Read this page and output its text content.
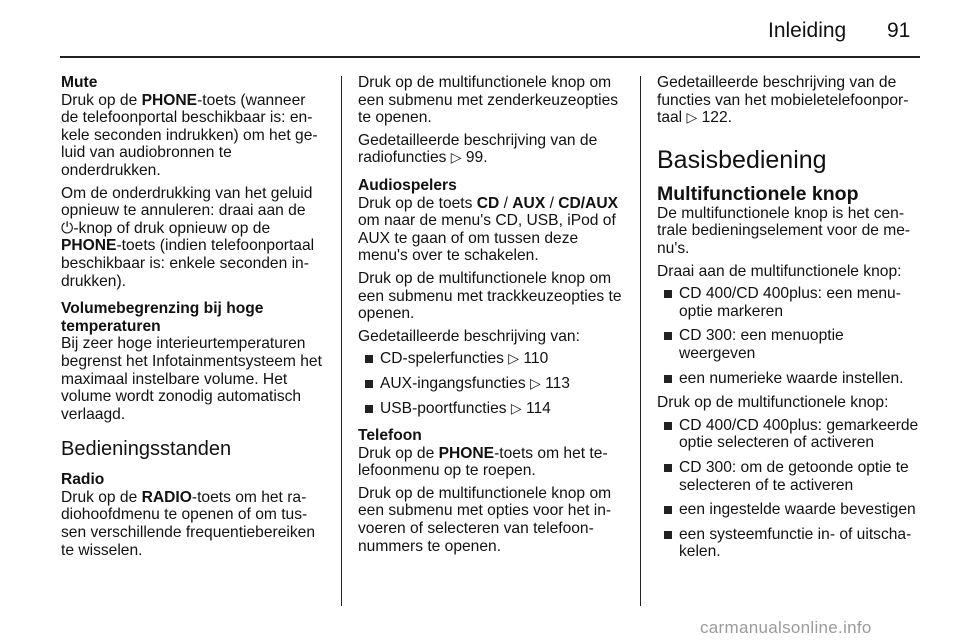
Inleiding 91
Mute
Druk op de PHONE-toets (wanneer de telefoonportal beschikbaar is: enkele seconden indrukken) om het geluid van audiobronnen te onderdrukken.
Om de onderdrukking van het geluid opnieuw te annuleren: draai aan de ⏻-knop of druk opnieuw op de PHONE-toets (indien telefoonportaal beschikbaar is: enkele seconden indrukken).
Volumebegrenzing bij hoge temperaturen
Bij zeer hoge interieurtemperaturen begrenst het Infotainmentsysteem het maximaal instelbare volume. Het volume wordt zonodig automatisch verlaagd.
Bedieningsstanden
Radio
Druk op de RADIO-toets om het radiohoofdmenu te openen of om tussen verschillende frequentiebereiken te wisselen.
Druk op de multifunctionele knop om een submenu met zenderkeuzeopties te openen.
Gedetailleerde beschrijving van de radiofuncties ▷ 99.
Audiospelers
Druk op de toets CD / AUX / CD/AUX om naar de menu's CD, USB, iPod of AUX te gaan of om tussen deze menu's over te schakelen.
Druk op de multifunctionele knop om een submenu met trackkeuzeopties te openen.
Gedetailleerde beschrijving van:
CD-spelerfuncties ▷ 110
AUX-ingangsfuncties ▷ 113
USB-poortfuncties ▷ 114
Telefoon
Druk op de PHONE-toets om het telefoonmenu op te roepen.
Druk op de multifunctionele knop om een submenu met opties voor het invoeren of selecteren van telefoonnummers te openen.
Gedetailleerde beschrijving van de functies van het mobieletelefoonportaal ▷ 122.
Basisbediening
Multifunctionele knop
De multifunctionele knop is het centrale bedieningselement voor de menu's.
Draai aan de multifunctionele knop:
CD 400/CD 400plus: een menuoptie markeren
CD 300: een menuoptie weergeven
een numerieke waarde instellen.
Druk op de multifunctionele knop:
CD 400/CD 400plus: gemarkeerde optie selecteren of activeren
CD 300: om de getoonde optie te selecteren of te activeren
een ingestelde waarde bevestigen
een systeemfunctie in- of uitschakelen.
carmanualsonline.info
